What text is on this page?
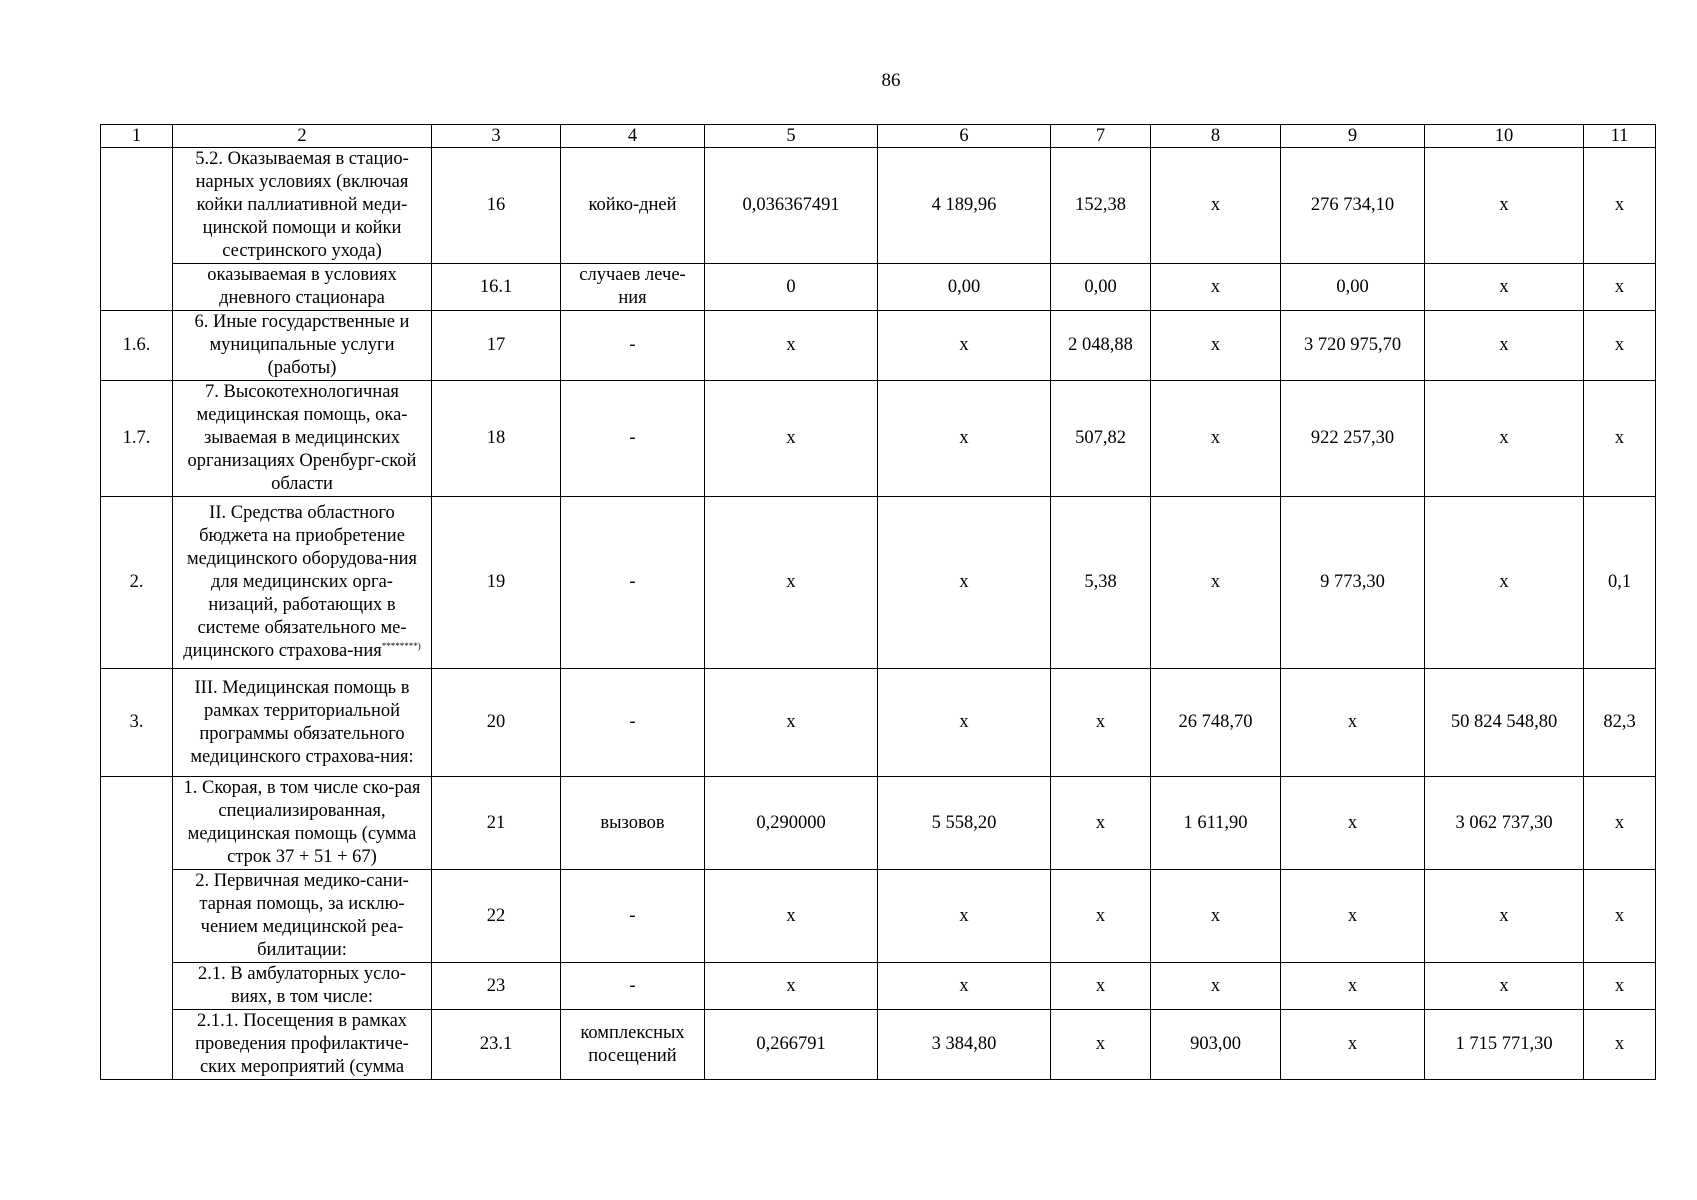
86
1	2	3	4	5	6	7	8	9	10	11
	5.2. Оказываемая в стацио-нарных условиях (включая койки паллиативной меди-цинской помощи и койки сестринского ухода)	16	койко-дней	0,036367491	4 189,96	152,38	х	276 734,10	х	х
	оказываемая в условиях дневного стационара	16.1	случаев лече-ния	0	0,00	0,00	х	0,00	х	х
1.6.	6. Иные государственные и муниципальные услуги (работы)	17	-	х	х	2 048,88	х	3 720 975,70	х	х
1.7.	7. Высокотехнологичная медицинская помощь, ока-зываемая в медицинских организациях Оренбург-ской области	18	-	х	х	507,82	х	922 257,30	х	х
2.	II. Средства областного бюджета на приобретение медицинского оборудова-ния для медицинских орга-низаций, работающих в системе обязательного ме-дицинского страхова-ния********)	19	-	х	х	5,38	х	9 773,30	х	0,1
3.	III. Медицинская помощь в рамках территориальной программы обязательного медицинского страхова-ния:	20	-	х	х	х	26 748,70	х	50 824 548,80	82,3
	1. Скорая, в том числе ско-рая специализированная, медицинская помощь (сумма строк 37 + 51 + 67)	21	вызовов	0,290000	5 558,20	х	1 611,90	х	3 062 737,30	х
	2. Первичная медико-сани-тарная помощь, за исклю-чением медицинской реа-билитации:	22	-	х	х	х	х	х	х	х
	2.1. В амбулаторных усло-виях, в том числе:	23	-	х	х	х	х	х	х	х
	2.1.1. Посещения в рамках проведения профилактиче-ских мероприятий (сумма	23.1	комплексных посещений	0,266791	3 384,80	х	903,00	х	1 715 771,30	х
